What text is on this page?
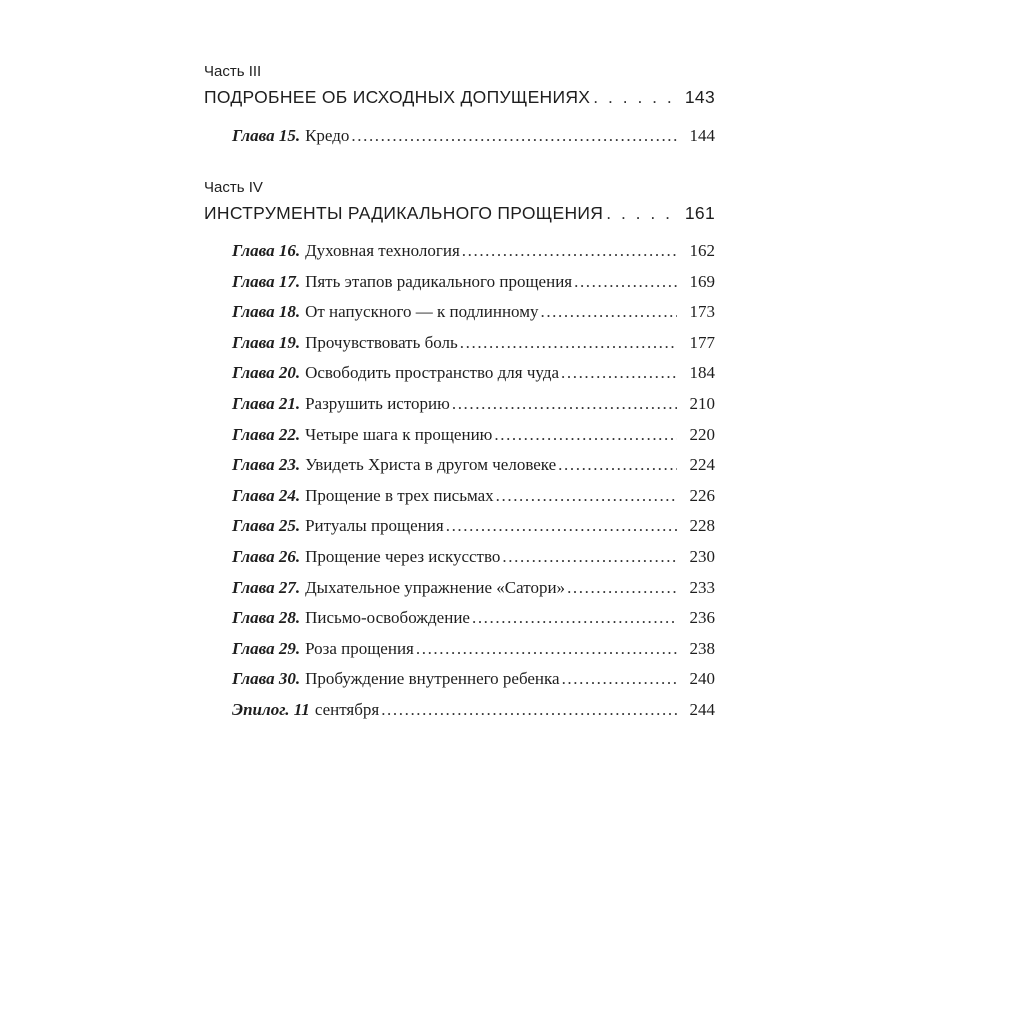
Часть III
ПОДРОБНЕЕ ОБ ИСХОДНЫХ ДОПУЩЕНИЯХ . . .	143
Глава 15. Кредо .....	144
Часть IV
ИНСТРУМЕНТЫ РАДИКАЛЬНОГО ПРОЩЕНИЯ . . .	161
Глава 16. Духовная технология .....	162
Глава 17. Пять этапов радикального прощения .....	169
Глава 18. От напускного — к подлинному .....	173
Глава 19. Прочувствовать боль .....	177
Глава 20. Освободить пространство для чуда .....	184
Глава 21. Разрушить историю .....	210
Глава 22. Четыре шага к прощению .....	220
Глава 23. Увидеть Христа в другом человеке .....	224
Глава 24. Прощение в трех письмах .....	226
Глава 25. Ритуалы прощения .....	228
Глава 26. Прощение через искусство .....	230
Глава 27. Дыхательное упражнение «Сатори» .....	233
Глава 28. Письмо-освобождение .....	236
Глава 29. Роза прощения .....	238
Глава 30. Пробуждение внутреннего ребенка .....	240
Эпилог. 11 сентября .....	244
